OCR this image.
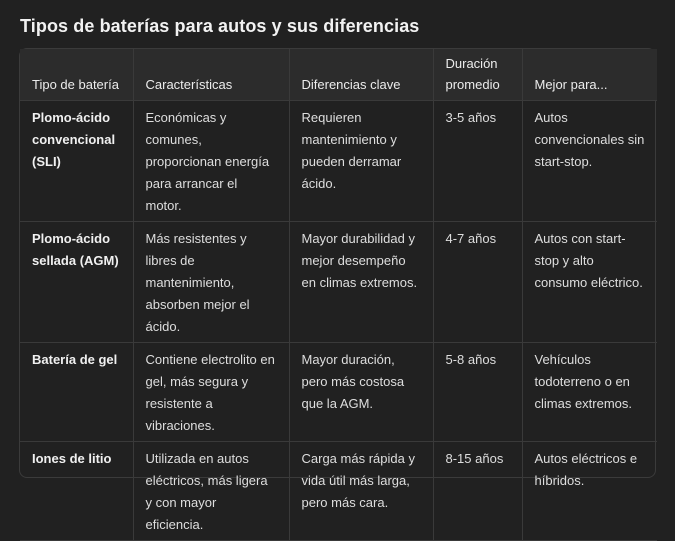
Tipos de baterías para autos y sus diferencias
Tipo de batería	Características	Diferencias clave	Duración promedio	Mejor para...
Plomo-ácido convencional (SLI)	Económicas y comunes, proporcionan energía para arrancar el motor.	Requieren mantenimiento y pueden derramar ácido.	3-5 años	Autos convencionales sin start-stop.
Plomo-ácido sellada (AGM)	Más resistentes y libres de mantenimiento, absorben mejor el ácido.	Mayor durabilidad y mejor desempeño en climas extremos.	4-7 años	Autos con start-stop y alto consumo eléctrico.
Batería de gel	Contiene electrolito en gel, más segura y resistente a vibraciones.	Mayor duración, pero más costosa que la AGM.	5-8 años	Vehículos todoterreno o en climas extremos.
Iones de litio	Utilizada en autos eléctricos, más ligera y con mayor eficiencia.	Carga más rápida y vida útil más larga, pero más cara.	8-15 años	Autos eléctricos e híbridos.
